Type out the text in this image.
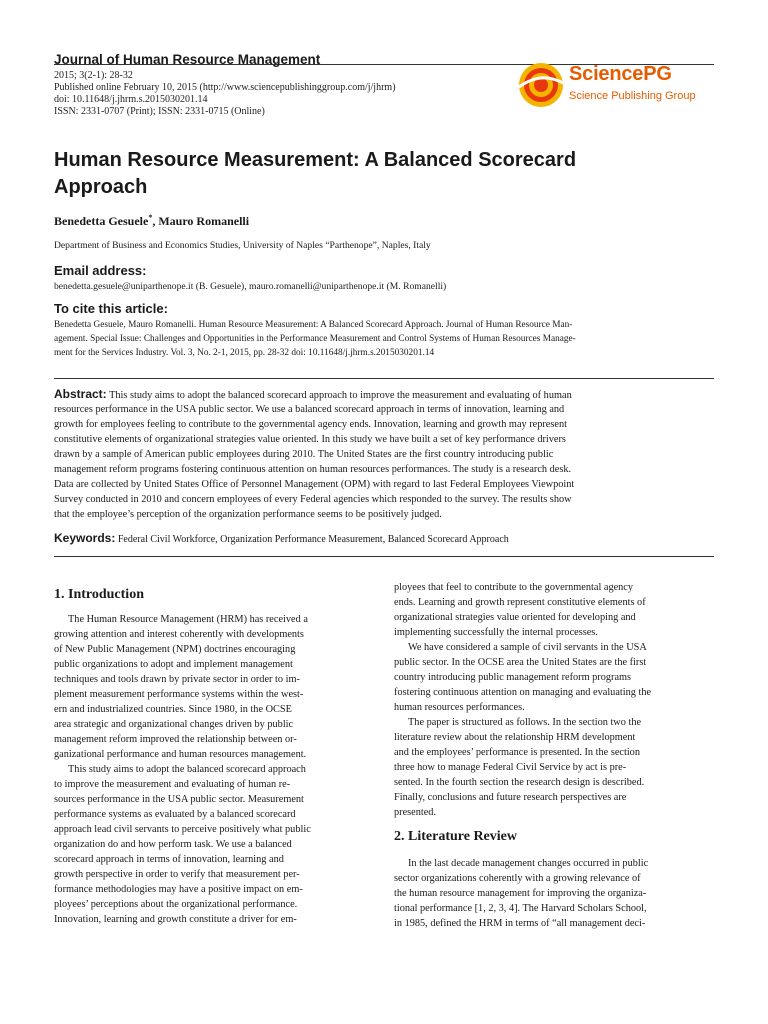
Journal of Human Resource Management
2015; 3(2-1): 28-32
Published online February 10, 2015 (http://www.sciencepublishinggroup.com/j/jhrm)
doi: 10.11648/j.jhrm.s.2015030201.14
ISSN: 2331-0707 (Print); ISSN: 2331-0715 (Online)
SciencePG
Science Publishing Group
Human Resource Measurement: A Balanced Scorecard
Approach
Benedetta Gesuele*, Mauro Romanelli
Department of Business and Economics Studies, University of Naples “Parthenope”, Naples, Italy
Email address:
benedetta.gesuele@uniparthenope.it (B. Gesuele), mauro.romanelli@uniparthenope.it (M. Romanelli)
To cite this article:
Benedetta Gesuele, Mauro Romanelli. Human Resource Measurement: A Balanced Scorecard Approach. Journal of Human Resource Man-
agement. Special Issue: Challenges and Opportunities in the Performance Measurement and Control Systems of Human Resources Manage-
ment for the Services Industry. Vol. 3, No. 2-1, 2015, pp. 28-32 doi: 10.11648/j.jhrm.s.2015030201.14
Abstract: This study aims to adopt the balanced scorecard approach to improve the measurement and evaluating of human
resources performance in the USA public sector. We use a balanced scorecard approach in terms of innovation, learning and
growth for employees feeling to contribute to the governmental agency ends. Innovation, learning and growth may represent
constitutive elements of organizational strategies value oriented. In this study we have built a set of key performance drivers
drawn by a sample of American public employees during 2010. The United States are the first country introducing public
management reform programs fostering continuous attention on human resources performances. The study is a research desk.
Data are collected by United States Office of Personnel Management (OPM) with regard to last Federal Employees Viewpoint
Survey conducted in 2010 and concern employees of every Federal agencies which responded to the survey. The results show
that the employee’s perception of the organization performance seems to be positively judged.
Keywords: Federal Civil Workforce, Organization Performance Measurement, Balanced Scorecard Approach
1. Introduction
The Human Resource Management (HRM) has received a
growing attention and interest coherently with developments
of New Public Management (NPM) doctrines encouraging
public organizations to adopt and implement management
techniques and tools drawn by private sector in order to im-
plement measurement performance systems within the west-
ern and industrialized countries. Since 1980, in the OCSE
area strategic and organizational changes driven by public
management reform improved the relationship between or-
ganizational performance and human resources management.
This study aims to adopt the balanced scorecard approach
to improve the measurement and evaluating of human re-
sources performance in the USA public sector. Measurement
performance systems as evaluated by a balanced scorecard
approach lead civil servants to perceive positively what public
organization do and how perform task. We use a balanced
scorecard approach in terms of innovation, learning and
growth perspective in order to verify that measurement per-
formance methodologies may have a positive impact on em-
ployees’ perceptions about the organizational performance.
Innovation, learning and growth constitute a driver for em-
ployees that feel to contribute to the governmental agency
ends. Learning and growth represent constitutive elements of
organizational strategies value oriented for developing and
implementing successfully the internal processes.
We have considered a sample of civil servants in the USA
public sector. In the OCSE area the United States are the first
country introducing public management reform programs
fostering continuous attention on managing and evaluating the
human resources performances.
The paper is structured as follows. In the section two the
literature review about the relationship HRM development
and the employees’ performance is presented. In the section
three how to manage Federal Civil Service by act is pre-
sented. In the fourth section the research design is described.
Finally, conclusions and future research perspectives are
presented.
2. Literature Review
In the last decade management changes occurred in public
sector organizations coherently with a growing relevance of
the human resource management for improving the organiza-
tional performance [1, 2, 3, 4]. The Harvard Scholars School,
in 1985, defined the HRM in terms of “all management deci-
